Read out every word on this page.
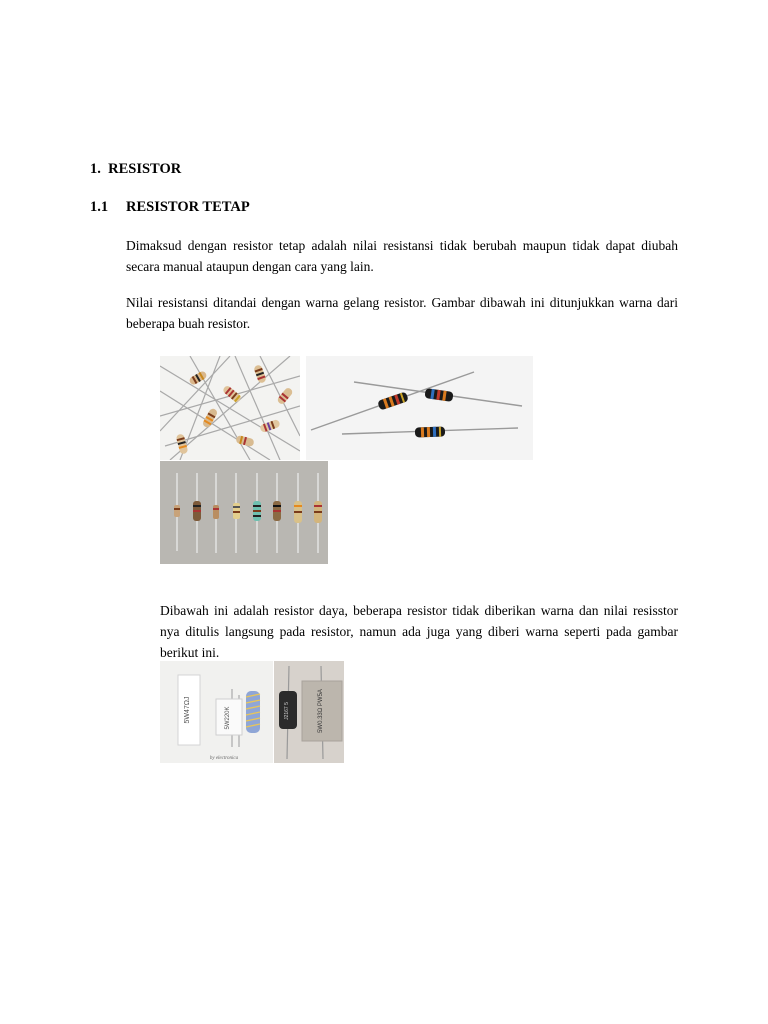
1. RESISTOR
1.1 RESISTOR TETAP
Dimaksud dengan resistor tetap adalah nilai resistansi tidak berubah maupun tidak dapat diubah secara manual ataupun dengan cara yang lain.
Nilai resistansi ditandai dengan warna gelang resistor. Gambar dibawah ini ditunjukkan warna dari beberapa buah resistor.
Dibawah ini adalah resistor daya, beberapa resistor tidak diberikan warna dan nilai resisstor nya ditulis langsung pada resistor, namun ada juga yang diberi warna seperti pada gambar berikut ini.
5W47ΩJ	5W220K
by electronica
J2167 5	5W0.33Ω PW5A
